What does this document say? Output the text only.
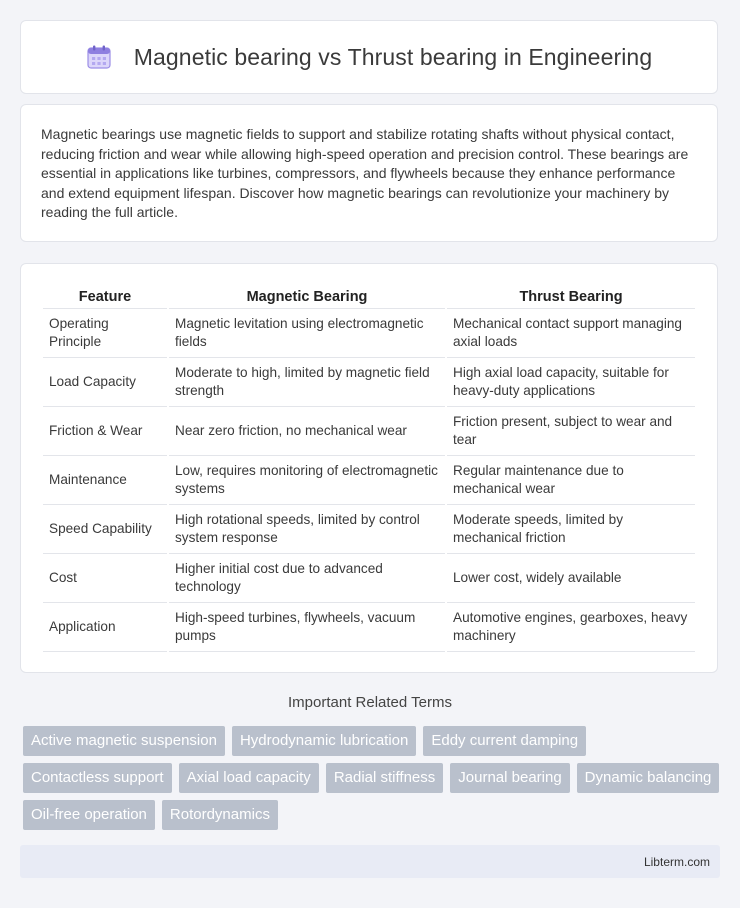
Magnetic bearing vs Thrust bearing in Engineering

Magnetic bearings use magnetic fields to support and stabilize rotating shafts without physical contact, reducing friction and wear while allowing high-speed operation and precision control. These bearings are essential in applications like turbines, compressors, and flywheels because they enhance performance and extend equipment lifespan. Discover how magnetic bearings can revolutionize your machinery by reading the full article.

Feature	Magnetic Bearing	Thrust Bearing
Operating Principle	Magnetic levitation using electromagnetic fields	Mechanical contact support managing axial loads
Load Capacity	Moderate to high, limited by magnetic field strength	High axial load capacity, suitable for heavy-duty applications
Friction & Wear	Near zero friction, no mechanical wear	Friction present, subject to wear and tear
Maintenance	Low, requires monitoring of electromagnetic systems	Regular maintenance due to mechanical wear
Speed Capability	High rotational speeds, limited by control system response	Moderate speeds, limited by mechanical friction
Cost	Higher initial cost due to advanced technology	Lower cost, widely available
Application	High-speed turbines, flywheels, vacuum pumps	Automotive engines, gearboxes, heavy machinery
Important Related Terms
Active magnetic suspension	Hydrodynamic lubrication	Eddy current damping
Contactless support	Axial load capacity	Radial stiffness	Journal bearing	Dynamic balancing
Oil-free operation	Rotordynamics
Libterm.com
